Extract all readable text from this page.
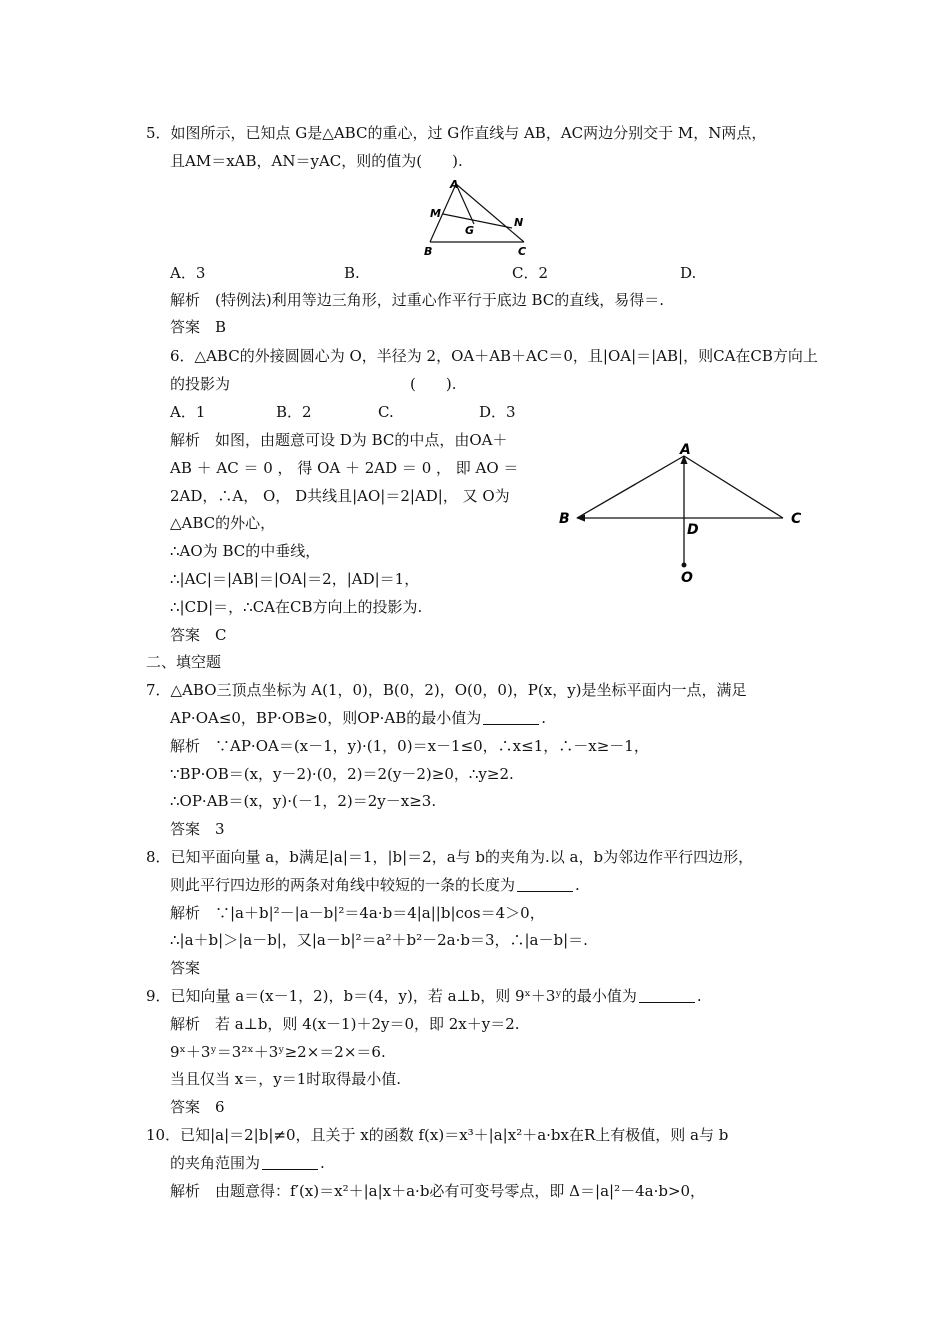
5．如图所示，已知点 G是△ABC的重心，过 G作直线与 AB，AC两边分别交于 M，N两点，
且AM＝xAB，AN＝yAC，则的值为(　　).
A
M
N
G
B	C
A．3	B.	C．2	D.
解析　(特例法)利用等边三角形，过重心作平行于底边 BC的直线，易得＝.
答案　B
6．△ABC的外接圆圆心为 O，半径为 2，OA＋AB＋AC＝0，且|OA|＝|AB|，则CA在CB方向上
的投影为　　　　　　　　　　　　(　　).
A．1	B．2	C.	D．3
解析　如图，由题意可设 D为 BC的中点，由OA＋
AB ＋ AC ＝ 0 ， 得 OA ＋ 2AD ＝ 0 ， 即 AO ＝
2AD，∴A， O， D共线且|AO|＝2|AD|， 又 O为
△ABC的外心，
∴AO为 BC的中垂线，
∴|AC|＝|AB|＝|OA|＝2，|AD|＝1，
∴|CD|＝，∴CA在CB方向上的投影为.
A
B	C
D
O
答案　C
二、填空题
7．△ABO三顶点坐标为 A(1，0)，B(0，2)，O(0，0)，P(x，y)是坐标平面内一点，满足
AP·OA≤0，BP·OB≥0，则OP·AB的最小值为	.
解析　∵AP·OA＝(x－1，y)·(1，0)＝x－1≤0，∴x≤1，∴－x≥－1，
∵BP·OB＝(x，y－2)·(0，2)＝2(y－2)≥0，∴y≥2.
∴OP·AB＝(x，y)·(－1，2)＝2y－x≥3.
答案　3
8．已知平面向量 a，b满足|a|＝1，|b|＝2，a与 b的夹角为.以 a，b为邻边作平行四边形，
则此平行四边形的两条对角线中较短的一条的长度为	.
解析　∵|a＋b|²－|a－b|²＝4a·b＝4|a||b|cos＝4＞0，
∴|a＋b|＞|a－b|，又|a－b|²＝a²＋b²－2a·b＝3，∴|a－b|＝.
答案
9．已知向量 a＝(x－1，2)，b＝(4，y)，若 a⊥b，则 9ˣ＋3ʸ的最小值为	.
解析　若 a⊥b，则 4(x－1)＋2y＝0，即 2x＋y＝2.
9ˣ＋3ʸ＝3²ˣ＋3ʸ≥2×＝2×＝6.
当且仅当 x＝，y＝1时取得最小值.
答案　6
10．已知|a|＝2|b|≠0，且关于 x的函数 f(x)＝x³＋|a|x²＋a·bx在R上有极值，则 a与 b
的夹角范围为	.
解析　由题意得：f′(x)＝x²＋|a|x＋a·b必有可变号零点，即 Δ＝|a|²－4a·b>0，
